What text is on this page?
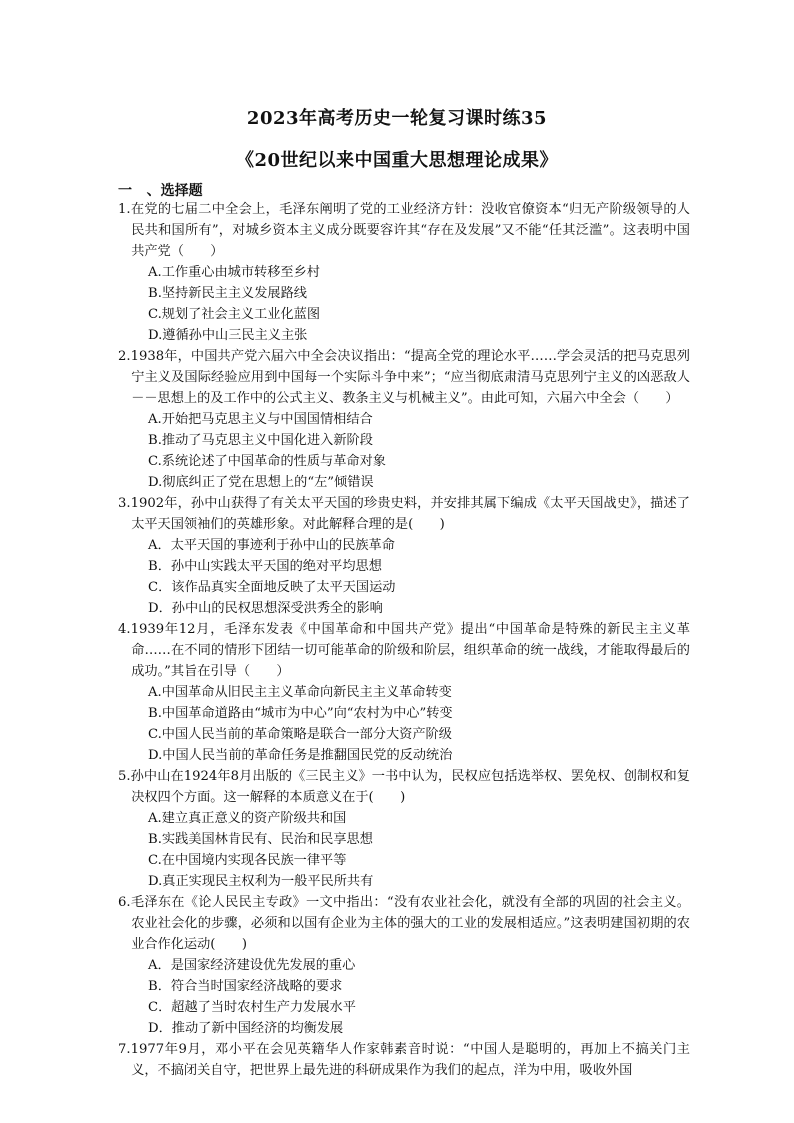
2023年高考历史一轮复习课时练35
《20世纪以来中国重大思想理论成果》
一   、选择题
1.在党的七届二中全会上，毛泽东阐明了党的工业经济方针：没收官僚资本“归无产阶级领导的人民共和国所有”，对城乡资本主义成分既要容许其“存在及发展”又不能“任其泛滥”。这表明中国共产党（　　）
A.工作重心由城市转移至乡村
B.坚持新民主主义发展路线
C.规划了社会主义工业化蓝图
D.遵循孙中山三民主义主张
2.1938年，中国共产党六届六中全会决议指出：“提高全党的理论水平……学会灵活的把马克思列宁主义及国际经验应用到中国每一个实际斗争中来”；“应当彻底肃清马克思列宁主义的凶恶敌人－－思想上的及工作中的公式主义、教条主义与机械主义”。由此可知，六届六中全会（　　）
A.开始把马克思主义与中国国情相结合
B.推动了马克思主义中国化进入新阶段
C.系统论述了中国革命的性质与革命对象
D.彻底纠正了党在思想上的“左”倾错误
3.1902年，孙中山获得了有关太平天国的珍贵史料，并安排其属下编成《太平天国战史》，描述了太平天国领袖们的英雄形象。对此解释合理的是(　　)
A．太平天国的事迹利于孙中山的民族革命
B．孙中山实践太平天国的绝对平均思想
C．该作品真实全面地反映了太平天国运动
D．孙中山的民权思想深受洪秀全的影响
4.1939年12月，毛泽东发表《中国革命和中国共产党》提出“中国革命是特殊的新民主主义革命……在不同的情形下团结一切可能革命的阶级和阶层，组织革命的统一战线，才能取得最后的成功。”其旨在引导（　　）
A.中国革命从旧民主主义革命向新民主主义革命转变
B.中国革命道路由“城市为中心”向“农村为中心”转变
C.中国人民当前的革命策略是联合一部分大资产阶级
D.中国人民当前的革命任务是推翻国民党的反动统治
5.孙中山在1924年8月出版的《三民主义》一书中认为，民权应包括选举权、罢免权、创制权和复决权四个方面。这一解释的本质意义在于(　　)
A.建立真正意义的资产阶级共和国
B.实践美国林肯民有、民治和民享思想
C.在中国境内实现各民族一律平等
D.真正实现民主权利为一般平民所共有
6.毛泽东在《论人民民主专政》一文中指出：“没有农业社会化，就没有全部的巩固的社会主义。农业社会化的步骤，必须和以国有企业为主体的强大的工业的发展相适应。”这表明建国初期的农业合作化运动(　　)
A．是国家经济建设优先发展的重心
B．符合当时国家经济战略的要求
C．超越了当时农村生产力发展水平
D．推动了新中国经济的均衡发展
7.1977年9月，邓小平在会见英籍华人作家韩素音时说：“中国人是聪明的，再加上不搞关门主义，不搞闭关自守，把世界上最先进的科研成果作为我们的起点，洋为中用，吸收外国
